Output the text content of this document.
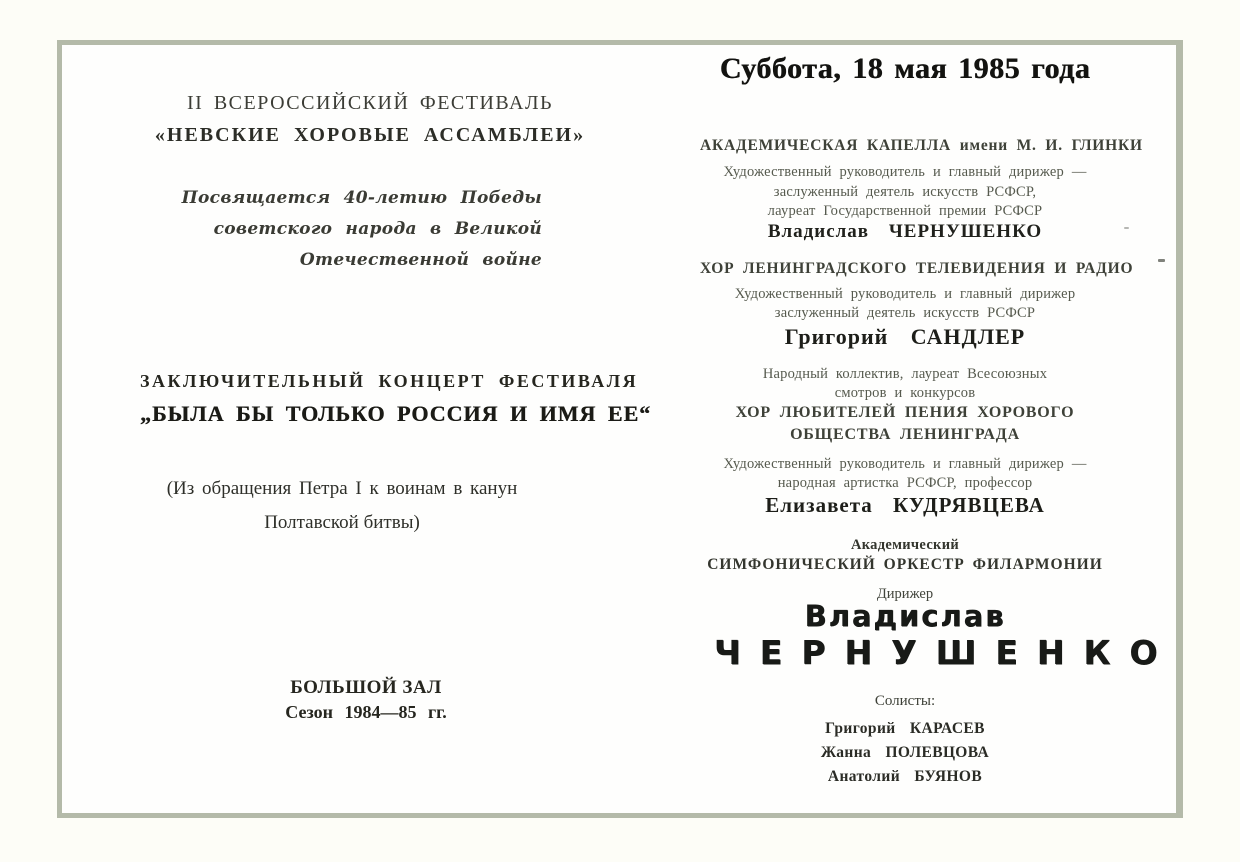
II ВСЕРОССИЙСКИЙ ФЕСТИВАЛЬ
«НЕВСКИЕ ХОРОВЫЕ АССАМБЛЕИ»
Посвящается 40-летию Победы
советского народа в Великой
Отечественной войне
ЗАКЛЮЧИТЕЛЬНЫЙ КОНЦЕРТ ФЕСТИВАЛЯ
„БЫЛА БЫ ТОЛЬКО РОССИЯ И ИМЯ ЕЕ“
(Из обращения Петра I к воинам в канун
Полтавской битвы)
БОЛЬШОЙ ЗАЛ
Сезон 1984—85 гг.
Суббота, 18 мая 1985 года
АКАДЕМИЧЕСКАЯ КАПЕЛЛА имени М. И. ГЛИНКИ
Художественный руководитель и главный дирижер —
заслуженный деятель искусств РСФСР,
лауреат Государственной премии РСФСР
Владислав ЧЕРНУШЕНКО
ХОР ЛЕНИНГРАДСКОГО ТЕЛЕВИДЕНИЯ И РАДИО
Художественный руководитель и главный дирижер
заслуженный деятель искусств РСФСР
Григорий САНДЛЕР
Народный коллектив, лауреат Всесоюзных
смотров и конкурсов
ХОР ЛЮБИТЕЛЕЙ ПЕНИЯ ХОРОВОГО
ОБЩЕСТВА ЛЕНИНГРАДА
Художественный руководитель и главный дирижер —
народная артистка РСФСР, профессор
Елизавета КУДРЯВЦЕВА
Академический
СИМФОНИЧЕСКИЙ ОРКЕСТР ФИЛАРМОНИИ
Дирижер
Владислав
ЧЕРНУШЕНКО
Солисты:
Григорий КАРАСЕВ
Жанна ПОЛЕВЦОВА
Анатолий БУЯНОВ
